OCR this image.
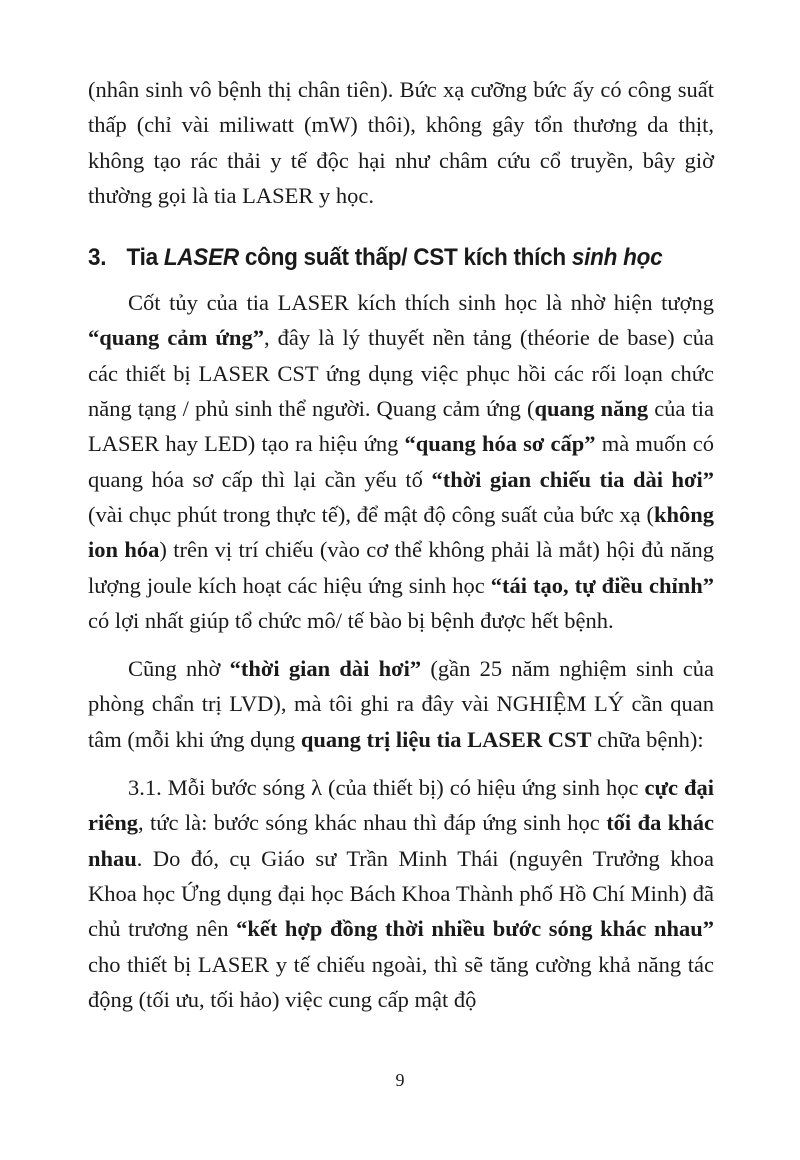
(nhân sinh vô bệnh thị chân tiên). Bức xạ cưỡng bức ấy có công suất thấp (chỉ vài miliwatt (mW) thôi), không gây tổn thương da thịt, không tạo rác thải y tế độc hại như châm cứu cổ truyền, bây giờ thường gọi là tia LASER y học.

3. Tia LASER công suất thấp/ CST kích thích sinh học

Cốt tủy của tia LASER kích thích sinh học là nhờ hiện tượng “quang cảm ứng”, đây là lý thuyết nền tảng (théorie de base) của các thiết bị LASER CST ứng dụng việc phục hồi các rối loạn chức năng tạng / phủ sinh thể người. Quang cảm ứng (quang năng của tia LASER hay LED) tạo ra hiệu ứng “quang hóa sơ cấp” mà muốn có quang hóa sơ cấp thì lại cần yếu tố “thời gian chiếu tia dài hơi” (vài chục phút trong thực tế), để mật độ công suất của bức xạ (không ion hóa) trên vị trí chiếu (vào cơ thể không phải là mắt) hội đủ năng lượng joule kích hoạt các hiệu ứng sinh học “tái tạo, tự điều chỉnh” có lợi nhất giúp tổ chức mô/ tế bào bị bệnh được hết bệnh.

Cũng nhờ “thời gian dài hơi” (gần 25 năm nghiệm sinh của phòng chẩn trị LVD), mà tôi ghi ra đây vài NGHIỆM LÝ cần quan tâm (mỗi khi ứng dụng quang trị liệu tia LASER CST chữa bệnh):

3.1. Mỗi bước sóng λ (của thiết bị) có hiệu ứng sinh học cực đại riêng, tức là: bước sóng khác nhau thì đáp ứng sinh học tối đa khác nhau. Do đó, cụ Giáo sư Trần Minh Thái (nguyên Trưởng khoa Khoa học Ứng dụng đại học Bách Khoa Thành phố Hồ Chí Minh) đã chủ trương nên “kết hợp đồng thời nhiều bước sóng khác nhau” cho thiết bị LASER y tế chiếu ngoài, thì sẽ tăng cường khả năng tác động (tối ưu, tối hảo) việc cung cấp mật độ

9
